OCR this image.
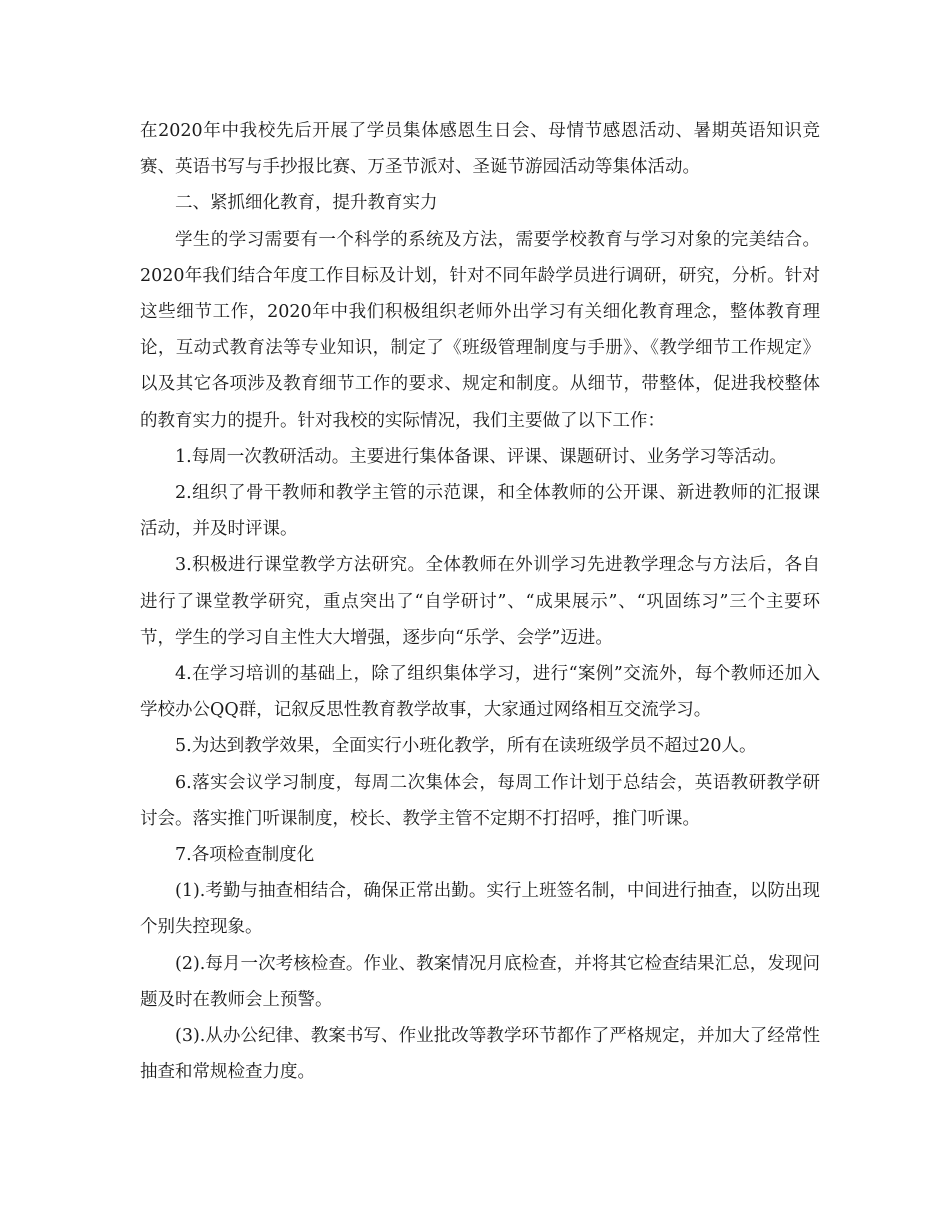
在2020年中我校先后开展了学员集体感恩生日会、母情节感恩活动、暑期英语知识竞赛、英语书写与手抄报比赛、万圣节派对、圣诞节游园活动等集体活动。

二、紧抓细化教育，提升教育实力

学生的学习需要有一个科学的系统及方法，需要学校教育与学习对象的完美结合。2020年我们结合年度工作目标及计划，针对不同年龄学员进行调研，研究，分析。针对这些细节工作，2020年中我们积极组织老师外出学习有关细化教育理念，整体教育理论，互动式教育法等专业知识，制定了《班级管理制度与手册》、《教学细节工作规定》以及其它各项涉及教育细节工作的要求、规定和制度。从细节，带整体，促进我校整体的教育实力的提升。针对我校的实际情况，我们主要做了以下工作：

1.每周一次教研活动。主要进行集体备课、评课、课题研讨、业务学习等活动。

2.组织了骨干教师和教学主管的示范课，和全体教师的公开课、新进教师的汇报课活动，并及时评课。

3.积极进行课堂教学方法研究。全体教师在外训学习先进教学理念与方法后，各自进行了课堂教学研究，重点突出了“自学研讨”、“成果展示”、“巩固练习”三个主要环节，学生的学习自主性大大增强，逐步向“乐学、会学”迈进。

4.在学习培训的基础上，除了组织集体学习，进行“案例”交流外，每个教师还加入学校办公QQ群，记叙反思性教育教学故事，大家通过网络相互交流学习。

5.为达到教学效果，全面实行小班化教学，所有在读班级学员不超过20人。

6.落实会议学习制度，每周二次集体会，每周工作计划于总结会，英语教研教学研讨会。落实推门听课制度，校长、教学主管不定期不打招呼，推门听课。

7.各项检查制度化

(1).考勤与抽查相结合，确保正常出勤。实行上班签名制，中间进行抽查，以防出现个别失控现象。

(2).每月一次考核检查。作业、教案情况月底检查，并将其它检查结果汇总，发现问题及时在教师会上预警。

(3).从办公纪律、教案书写、作业批改等教学环节都作了严格规定，并加大了经常性抽查和常规检查力度。
